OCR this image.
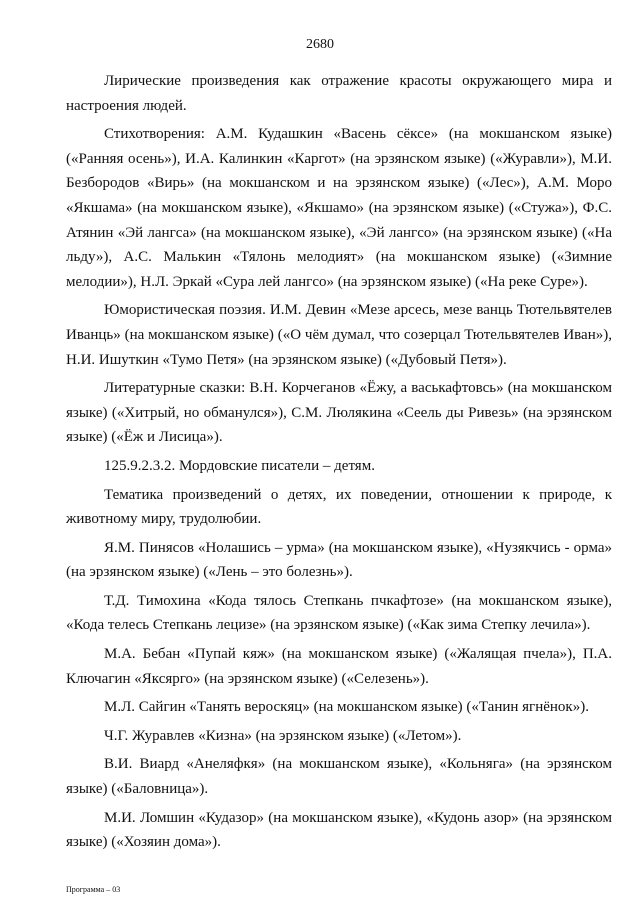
2680

Лирические произведения как отражение красоты окружающего мира и настроения людей.

Стихотворения: А.М. Кудашкин «Васень сёксе» (на мокшанском языке) («Ранняя осень»), И.А. Калинкин «Каргот» (на эрзянском языке) («Журавли»), М.И. Безбородов «Вирь» (на мокшанском и на эрзянском языке) («Лес»), А.М. Моро «Якшама» (на мокшанском языке), «Якшамо» (на эрзянском языке) («Стужа»), Ф.С. Атянин «Эй лангса» (на мокшанском языке), «Эй лангсо» (на эрзянском языке) («На льду»), А.С. Малькин «Тялонь мелодият» (на мокшанском языке) («Зимние мелодии»), Н.Л. Эркай «Сура лей лангсо» (на эрзянском языке) («На реке Суре»).

Юмористическая поэзия. И.М. Девин «Мезе арсесь, мезе ванць Тютельвятелев Иванць» (на мокшанском языке) («О чём думал, что созерцал Тютельвятелев Иван»), Н.И. Ишуткин «Тумо Петя» (на эрзянском языке) («Дубовый Петя»).

Литературные сказки: В.Н. Корчеганов «Ёжу, а васькафтовсь» (на мокшанском языке) («Хитрый, но обманулся»), С.М. Люлякина «Сеель ды Ривезь» (на эрзянском языке) («Ёж и Лисица»).

125.9.2.3.2. Мордовские писатели – детям.

Тематика произведений о детях, их поведении, отношении к природе, к животному миру, трудолюбии.

Я.М. Пинясов «Нолашись – урма» (на мокшанском языке), «Нузякчись - орма» (на эрзянском языке) («Лень – это болезнь»).

Т.Д. Тимохина «Кода тялось Степкань пчкафтозе» (на мокшанском языке), «Кода телесь Степкань лецизе» (на эрзянском языке) («Как зима Степку лечила»).

М.А. Бебан «Пупай кяж» (на мокшанском языке) («Жалящая пчела»), П.А. Ключагин «Яксярго» (на эрзянском языке) («Селезень»).

М.Л. Сайгин «Танять вероскяц» (на мокшанском языке) («Танин ягнёнок»).

Ч.Г. Журавлев «Кизна» (на эрзянском языке) («Летом»).

В.И. Виард «Анеляфкя» (на мокшанском языке), «Кольняга» (на эрзянском языке) («Баловница»).

М.И. Ломшин «Кудазор» (на мокшанском языке), «Кудонь азор» (на эрзянском языке) («Хозяин дома»).

Программа – 03
